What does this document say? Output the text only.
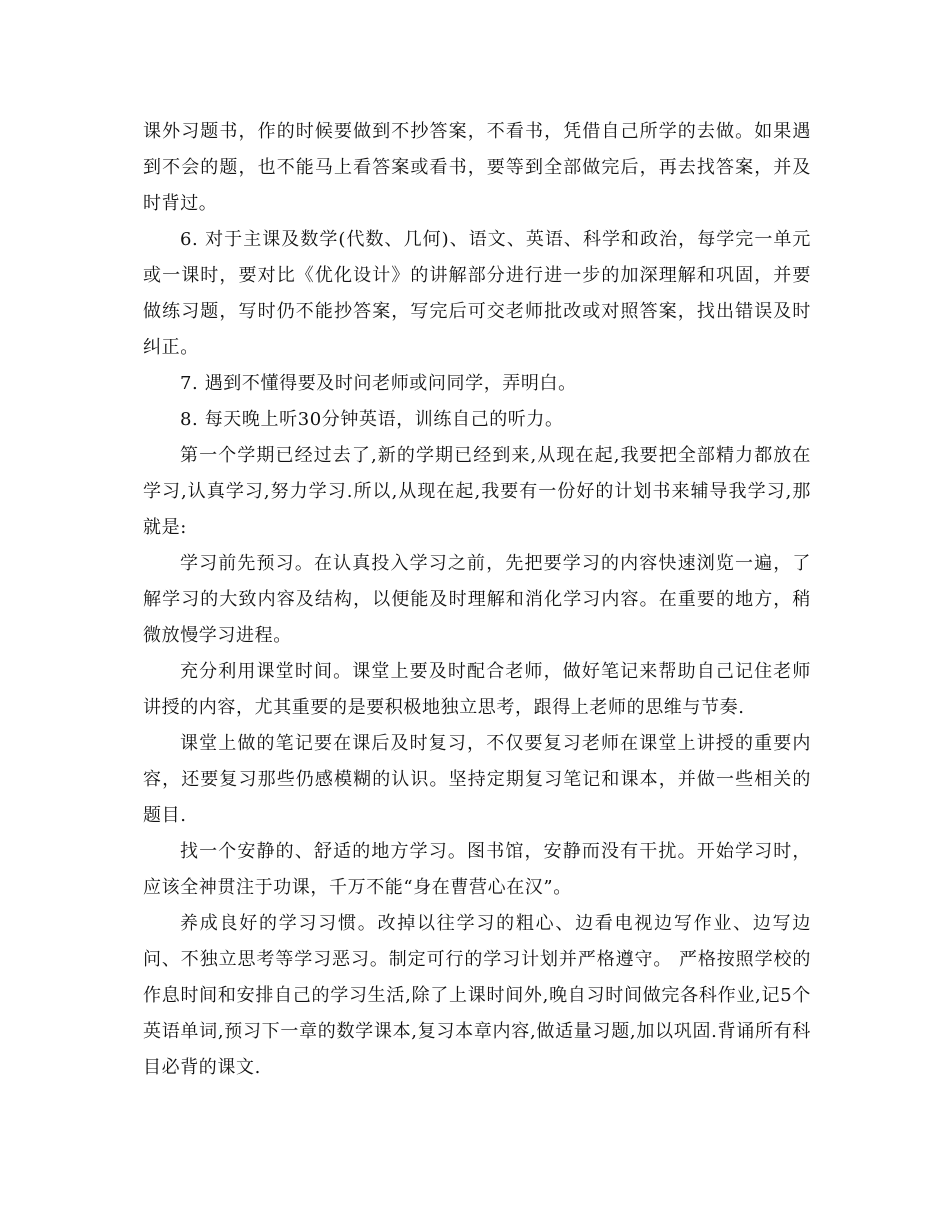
课外习题书，作的时候要做到不抄答案，不看书，凭借自己所学的去做。如果遇到不会的题，也不能马上看答案或看书，要等到全部做完后，再去找答案，并及时背过。

6. 对于主课及数学(代数、几何)、语文、英语、科学和政治，每学完一单元或一课时，要对比《优化设计》的讲解部分进行进一步的加深理解和巩固，并要做练习题，写时仍不能抄答案，写完后可交老师批改或对照答案，找出错误及时纠正。

7. 遇到不懂得要及时问老师或问同学，弄明白。

8. 每天晚上听30分钟英语，训练自己的听力。

第一个学期已经过去了,新的学期已经到来,从现在起,我要把全部精力都放在学习,认真学习,努力学习.所以,从现在起,我要有一份好的计划书来辅导我学习,那就是:

学习前先预习。在认真投入学习之前，先把要学习的内容快速浏览一遍，了解学习的大致内容及结构，以便能及时理解和消化学习内容。在重要的地方，稍微放慢学习进程。

充分利用课堂时间。课堂上要及时配合老师，做好笔记来帮助自己记住老师讲授的内容，尤其重要的是要积极地独立思考，跟得上老师的思维与节奏.

课堂上做的笔记要在课后及时复习，不仅要复习老师在课堂上讲授的重要内容，还要复习那些仍感模糊的认识。坚持定期复习笔记和课本，并做一些相关的题目.

找一个安静的、舒适的地方学习。图书馆，安静而没有干扰。开始学习时，应该全神贯注于功课，千万不能“身在曹营心在汉”。

养成良好的学习习惯。改掉以往学习的粗心、边看电视边写作业、边写边问、不独立思考等学习恶习。制定可行的学习计划并严格遵守。 严格按照学校的作息时间和安排自己的学习生活,除了上课时间外,晚自习时间做完各科作业,记5个英语单词,预习下一章的数学课本,复习本章内容,做适量习题,加以巩固.背诵所有科目必背的课文.
